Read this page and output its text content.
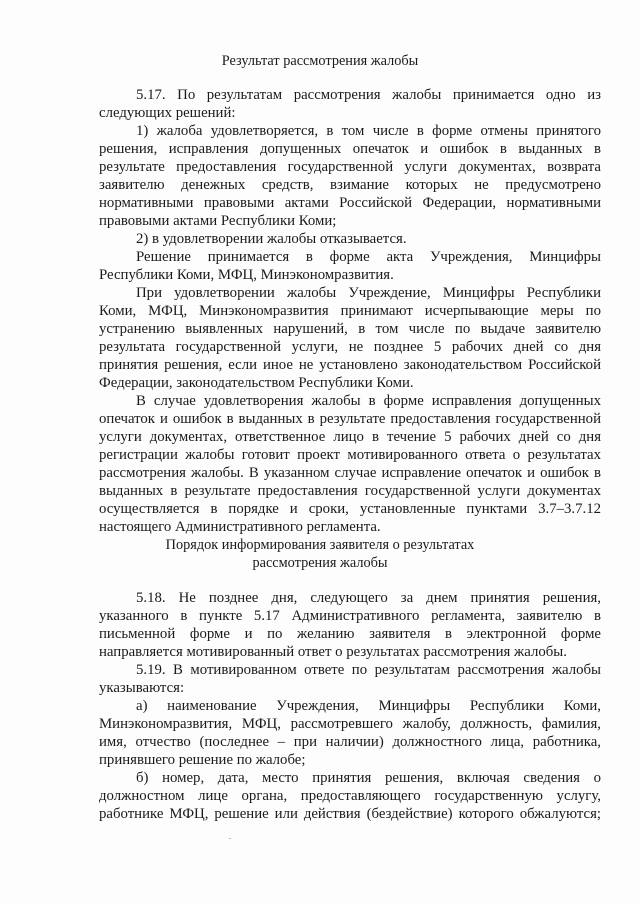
Результат рассмотрения жалобы
5.17. По результатам рассмотрения жалобы принимается одно из
следующих решений:
1) жалоба удовлетворяется, в том числе в форме отмены принятого
решения, исправления допущенных опечаток и ошибок в выданных в
результате предоставления государственной услуги документах, возврата
заявителю денежных средств, взимание которых не предусмотрено
нормативными правовыми актами Российской Федерации, нормативными
правовыми актами Республики Коми;
2) в удовлетворении жалобы отказывается.
Решение принимается в форме акта Учреждения, Минцифры
Республики Коми, МФЦ, Минэкономразвития.
При удовлетворении жалобы Учреждение, Минцифры Республики
Коми, МФЦ, Минэкономразвития принимают исчерпывающие меры по
устранению выявленных нарушений, в том числе по выдаче заявителю
результата государственной услуги, не позднее 5 рабочих дней со дня
принятия решения, если иное не установлено законодательством Российской
Федерации, законодательством Республики Коми.
В случае удовлетворения жалобы в форме исправления допущенных
опечаток и ошибок в выданных в результате предоставления государственной
услуги документах, ответственное лицо в течение 5 рабочих дней со дня
регистрации жалобы готовит проект мотивированного ответа о результатах
рассмотрения жалобы. В указанном случае исправление опечаток и ошибок в
выданных в результате предоставления государственной услуги документах
осуществляется в порядке и сроки, установленные пунктами 3.7–3.7.12
настоящего Административного регламента.
Порядок информирования заявителя о результатах
рассмотрения жалобы
5.18. Не позднее дня, следующего за днем принятия решения,
указанного в пункте 5.17 Административного регламента, заявителю в
письменной форме и по желанию заявителя в электронной форме
направляется мотивированный ответ о результатах рассмотрения жалобы.
5.19. В мотивированном ответе по результатам рассмотрения жалобы
указываются:
а) наименование Учреждения, Минцифры Республики Коми,
Минэкономразвития, МФЦ, рассмотревшего жалобу, должность, фамилия,
имя, отчество (последнее – при наличии) должностного лица, работника,
принявшего решение по жалобе;
б) номер, дата, место принятия решения, включая сведения о
должностном лице органа, предоставляющего государственную услугу,
работнике МФЦ, решение или действия (бездействие) которого обжалуются;
